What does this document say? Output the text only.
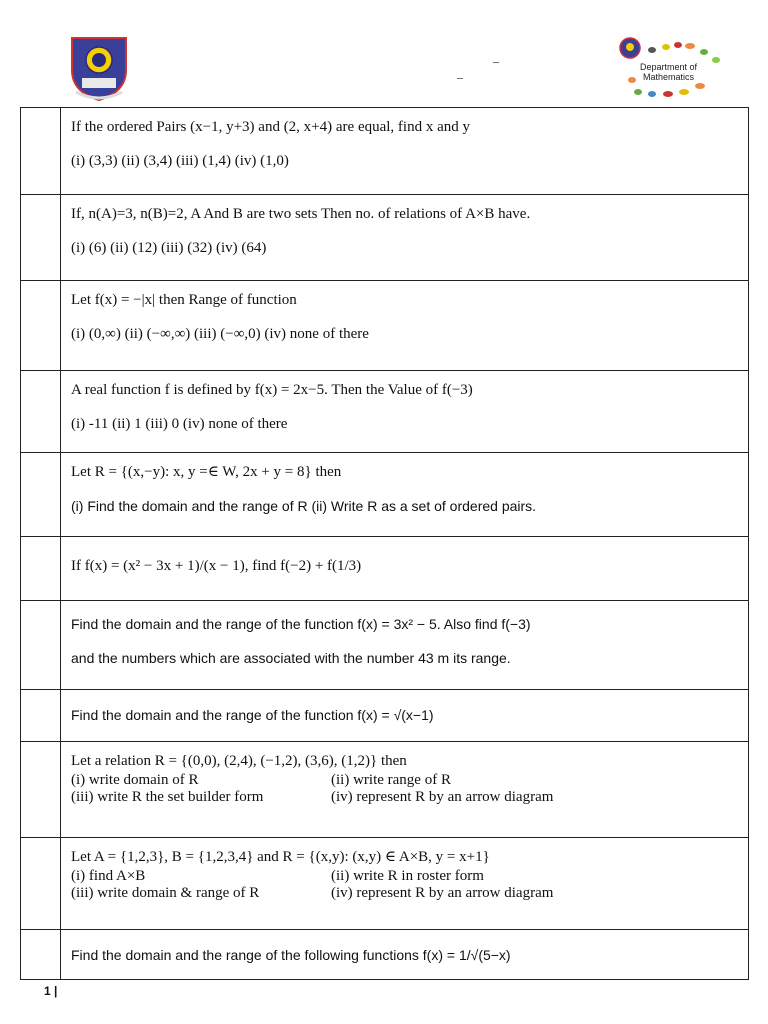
Department of
Mathematics
–
–

	If the ordered Pairs (x−1, y+3) and (2, x+4) are equal, find x and y
(i) (3,3) (ii) (3,4) (iii) (1,4) (iv) (1,0)

	If, n(A)=3, n(B)=2, A And B are two sets Then no. of relations of A×B have.
(i) (6) (ii) (12) (iii) (32) (iv) (64)

	Let f(x) = −|x| then Range of function
(i) (0,∞) (ii) (−∞,∞) (iii) (−∞,0) (iv) none of there

	A real function f is defined by f(x) = 2x−5. Then the Value of f(−3)
(i) -11 (ii) 1 (iii) 0 (iv) none of there

	Let R = {(x,−y): x, y =∈ W, 2x + y = 8} then
(i) Find the domain and the range of R (ii) Write R as a set of ordered pairs.

	If f(x) = (x² − 3x + 1)/(x − 1), find f(−2) + f(1/3)

	Find the domain and the range of the function f(x) = 3x² − 5. Also find f(−3)
and the numbers which are associated with the number 43 m its range.

	Find the domain and the range of the function f(x) = √(x−1)

	Let a relation R = {(0,0), (2,4), (−1,2), (3,6), (1,2)} then
(i) write domain of R (ii) write range of R
(iii) write R the set builder form (iv) represent R by an arrow diagram

	Let A = {1,2,3}, B = {1,2,3,4} and R = {(x,y): (x,y) ∈ A×B, y = x+1}
(i) find A×B (ii) write R in roster form
(iii) write domain & range of R (iv) represent R by an arrow diagram

	Find the domain and the range of the following functions f(x) = 1/√(5−x)
1 |
